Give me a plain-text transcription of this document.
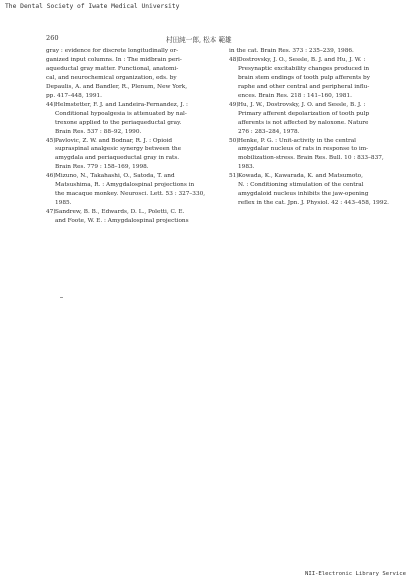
The Dental Society of Iwate Medical University
260	村田純一郎, 松本 範雄
gray : evidence for discrete longitudinally or-
ganized input columns. In : The midbrain peri-
aqueductal gray matter. Functional, anatomi-
cal, and neurochemical organization, eds. by
Depaulis, A. and Bandler, R., Plenum, New York,
pp. 417–448, 1991.
44) Helmstetter, F. J. and Landeira-Fernandez, J. :
Conditional hypoalgesia is attenuated by nal-
trexone applied to the periaqueductal gray.
Brain Res. 537 : 88–92, 1990.
45) Pavlovic, Z. W. and Bodnar, R. J. : Opioid
supraspinal analgesic synergy between the
amygdala and periaqueductal gray in rats.
Brain Res. 779 : 158–169, 1998.
46) Mizuno, N., Takahashi, O., Satoda, T. and
Matsushima, R. : Amygdalospinal projections in
the macaque monkey. Neurosci. Lett. 53 : 327–330,
1985.
47) Sandrew, B. B., Edwards, D. L., Poletti, C. E.
and Foote, W. E. : Amygdalospinal projections
in the cat. Brain Res. 373 : 235–239, 1986.
48) Dostrovsky, J. O., Sessle, B. J. and Hu, J. W. :
Presynaptic excitability changes produced in
brain stem endings of tooth pulp afferents by
raphe and other central and peripheral influ-
ences. Brain Res. 218 : 141–160, 1981.
49) Hu, J. W., Dostrovsky, J. O. and Sessle, B. J. :
Primary afferent depolarization of tooth pulp
afferents is not affected by naloxone. Nature
276 : 283–284, 1978.
50) Henke, P. G. : Unit-activity in the central
amygdalar nucleus of rats in response to im-
mobilization-stress. Brain Res. Bull. 10 : 833–837,
1983.
51) Kowada, K., Kawarada, K. and Matsumoto,
N. : Conditioning stimulation of the central
amygdaloid nucleus inhibits the jaw-opening
reflex in the cat. Jpn. J. Physiol. 42 : 443–458, 1992.
NII-Electronic Library Service
